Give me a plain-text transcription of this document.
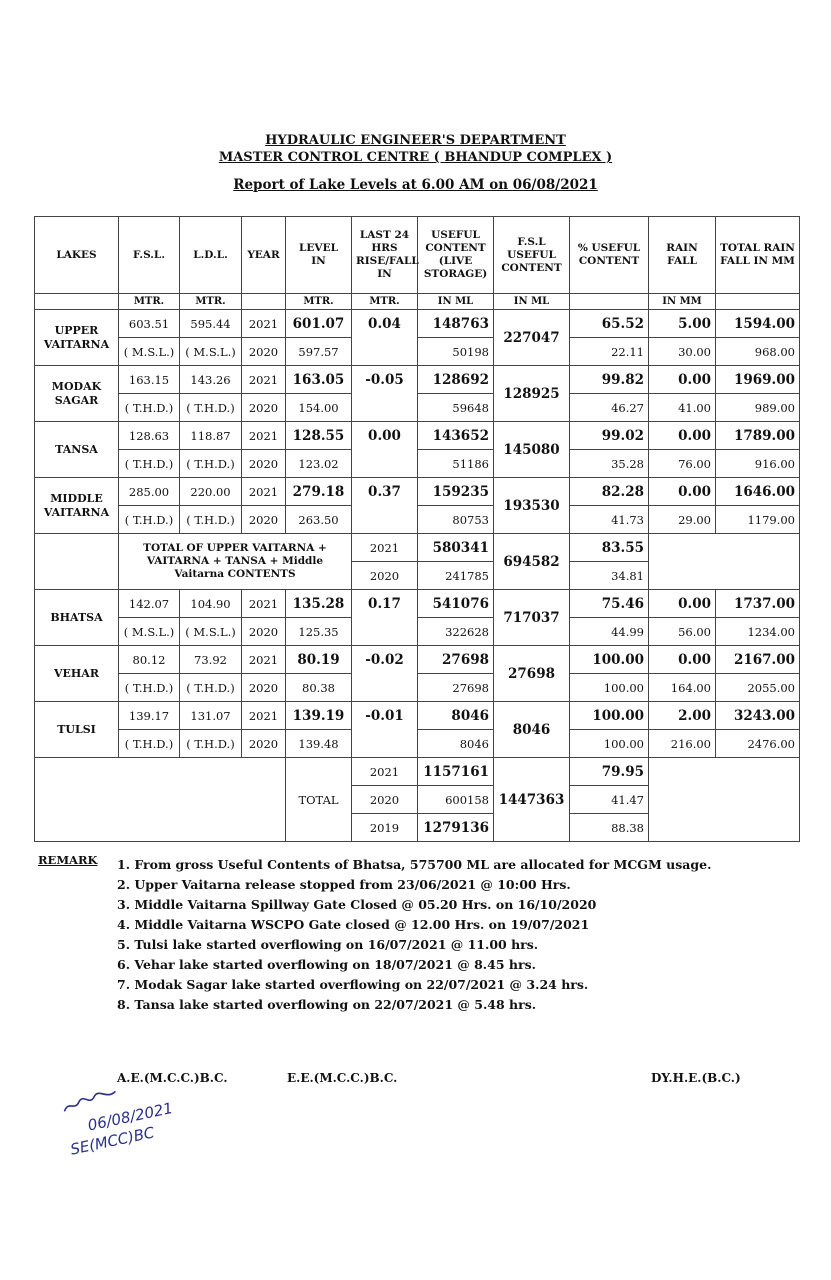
HYDRAULIC ENGINEER'S DEPARTMENT
MASTER CONTROL CENTRE ( BHANDUP COMPLEX )
Report of Lake Levels at 6.00 AM on 06/08/2021
LAKES	F.S.L.	L.D.L.	YEAR	LEVEL IN	LAST 24 HRS RISE/FALL IN	USEFUL CONTENT (LIVE STORAGE)	F.S.L USEFUL CONTENT	% USEFUL CONTENT	RAIN FALL	TOTAL RAIN FALL IN MM
	MTR.	MTR.		MTR.	MTR.	IN ML	IN ML		IN MM	
UPPER VAITARNA	603.51	595.44	2021	601.07	0.04	148763	227047	65.52	5.00	1594.00
	( M.S.L.)	( M.S.L.)	2020	597.57		50198		22.11	30.00	968.00
MODAK SAGAR	163.15	143.26	2021	163.05	-0.05	128692	128925	99.82	0.00	1969.00
	( T.H.D.)	( T.H.D.)	2020	154.00		59648		46.27	41.00	989.00
TANSA	128.63	118.87	2021	128.55	0.00	143652	145080	99.02	0.00	1789.00
	( T.H.D.)	( T.H.D.)	2020	123.02		51186		35.28	76.00	916.00
MIDDLE VAITARNA	285.00	220.00	2021	279.18	0.37	159235	193530	82.28	0.00	1646.00
	( T.H.D.)	( T.H.D.)	2020	263.50		80753		41.73	29.00	1179.00
	TOTAL OF UPPER VAITARNA + VAITARNA + TANSA + Middle Vaitarna CONTENTS				2021	580341	694582	83.55		
					2020	241785		34.81		
BHATSA	142.07	104.90	2021	135.28	0.17	541076	717037	75.46	0.00	1737.00
	( M.S.L.)	( M.S.L.)	2020	125.35		322628		44.99	56.00	1234.00
VEHAR	80.12	73.92	2021	80.19	-0.02	27698	27698	100.00	0.00	2167.00
	( T.H.D.)	( T.H.D.)	2020	80.38		27698		100.00	164.00	2055.00
TULSI	139.17	131.07	2021	139.19	-0.01	8046	8046	100.00	2.00	3243.00
	( T.H.D.)	( T.H.D.)	2020	139.48		8046		100.00	216.00	2476.00
				TOTAL	2021	1157161	1447363	79.95		
					2020	600158		41.47		
					2019	1279136		88.38		
REMARK 1. From gross Useful Contents of Bhatsa, 575700 ML are allocated for MCGM usage.
2. Upper Vaitarna release stopped from 23/06/2021 @ 10:00 Hrs.
3. Middle Vaitarna Spillway Gate Closed @ 05.20 Hrs. on 16/10/2020
4. Middle Vaitarna WSCPO Gate closed @ 12.00 Hrs. on 19/07/2021
5. Tulsi lake started overflowing on 16/07/2021 @ 11.00 hrs.
6. Vehar lake started overflowing on 18/07/2021 @ 8.45 hrs.
7. Modak Sagar lake started overflowing on 22/07/2021 @ 3.24 hrs.
8. Tansa lake started overflowing on 22/07/2021 @ 5.48 hrs.
A.E.(M.C.C.)B.C.	E.E.(M.C.C.)B.C.	DY.H.E.(B.C.)
06/08/2021
SE(MCC)BC
